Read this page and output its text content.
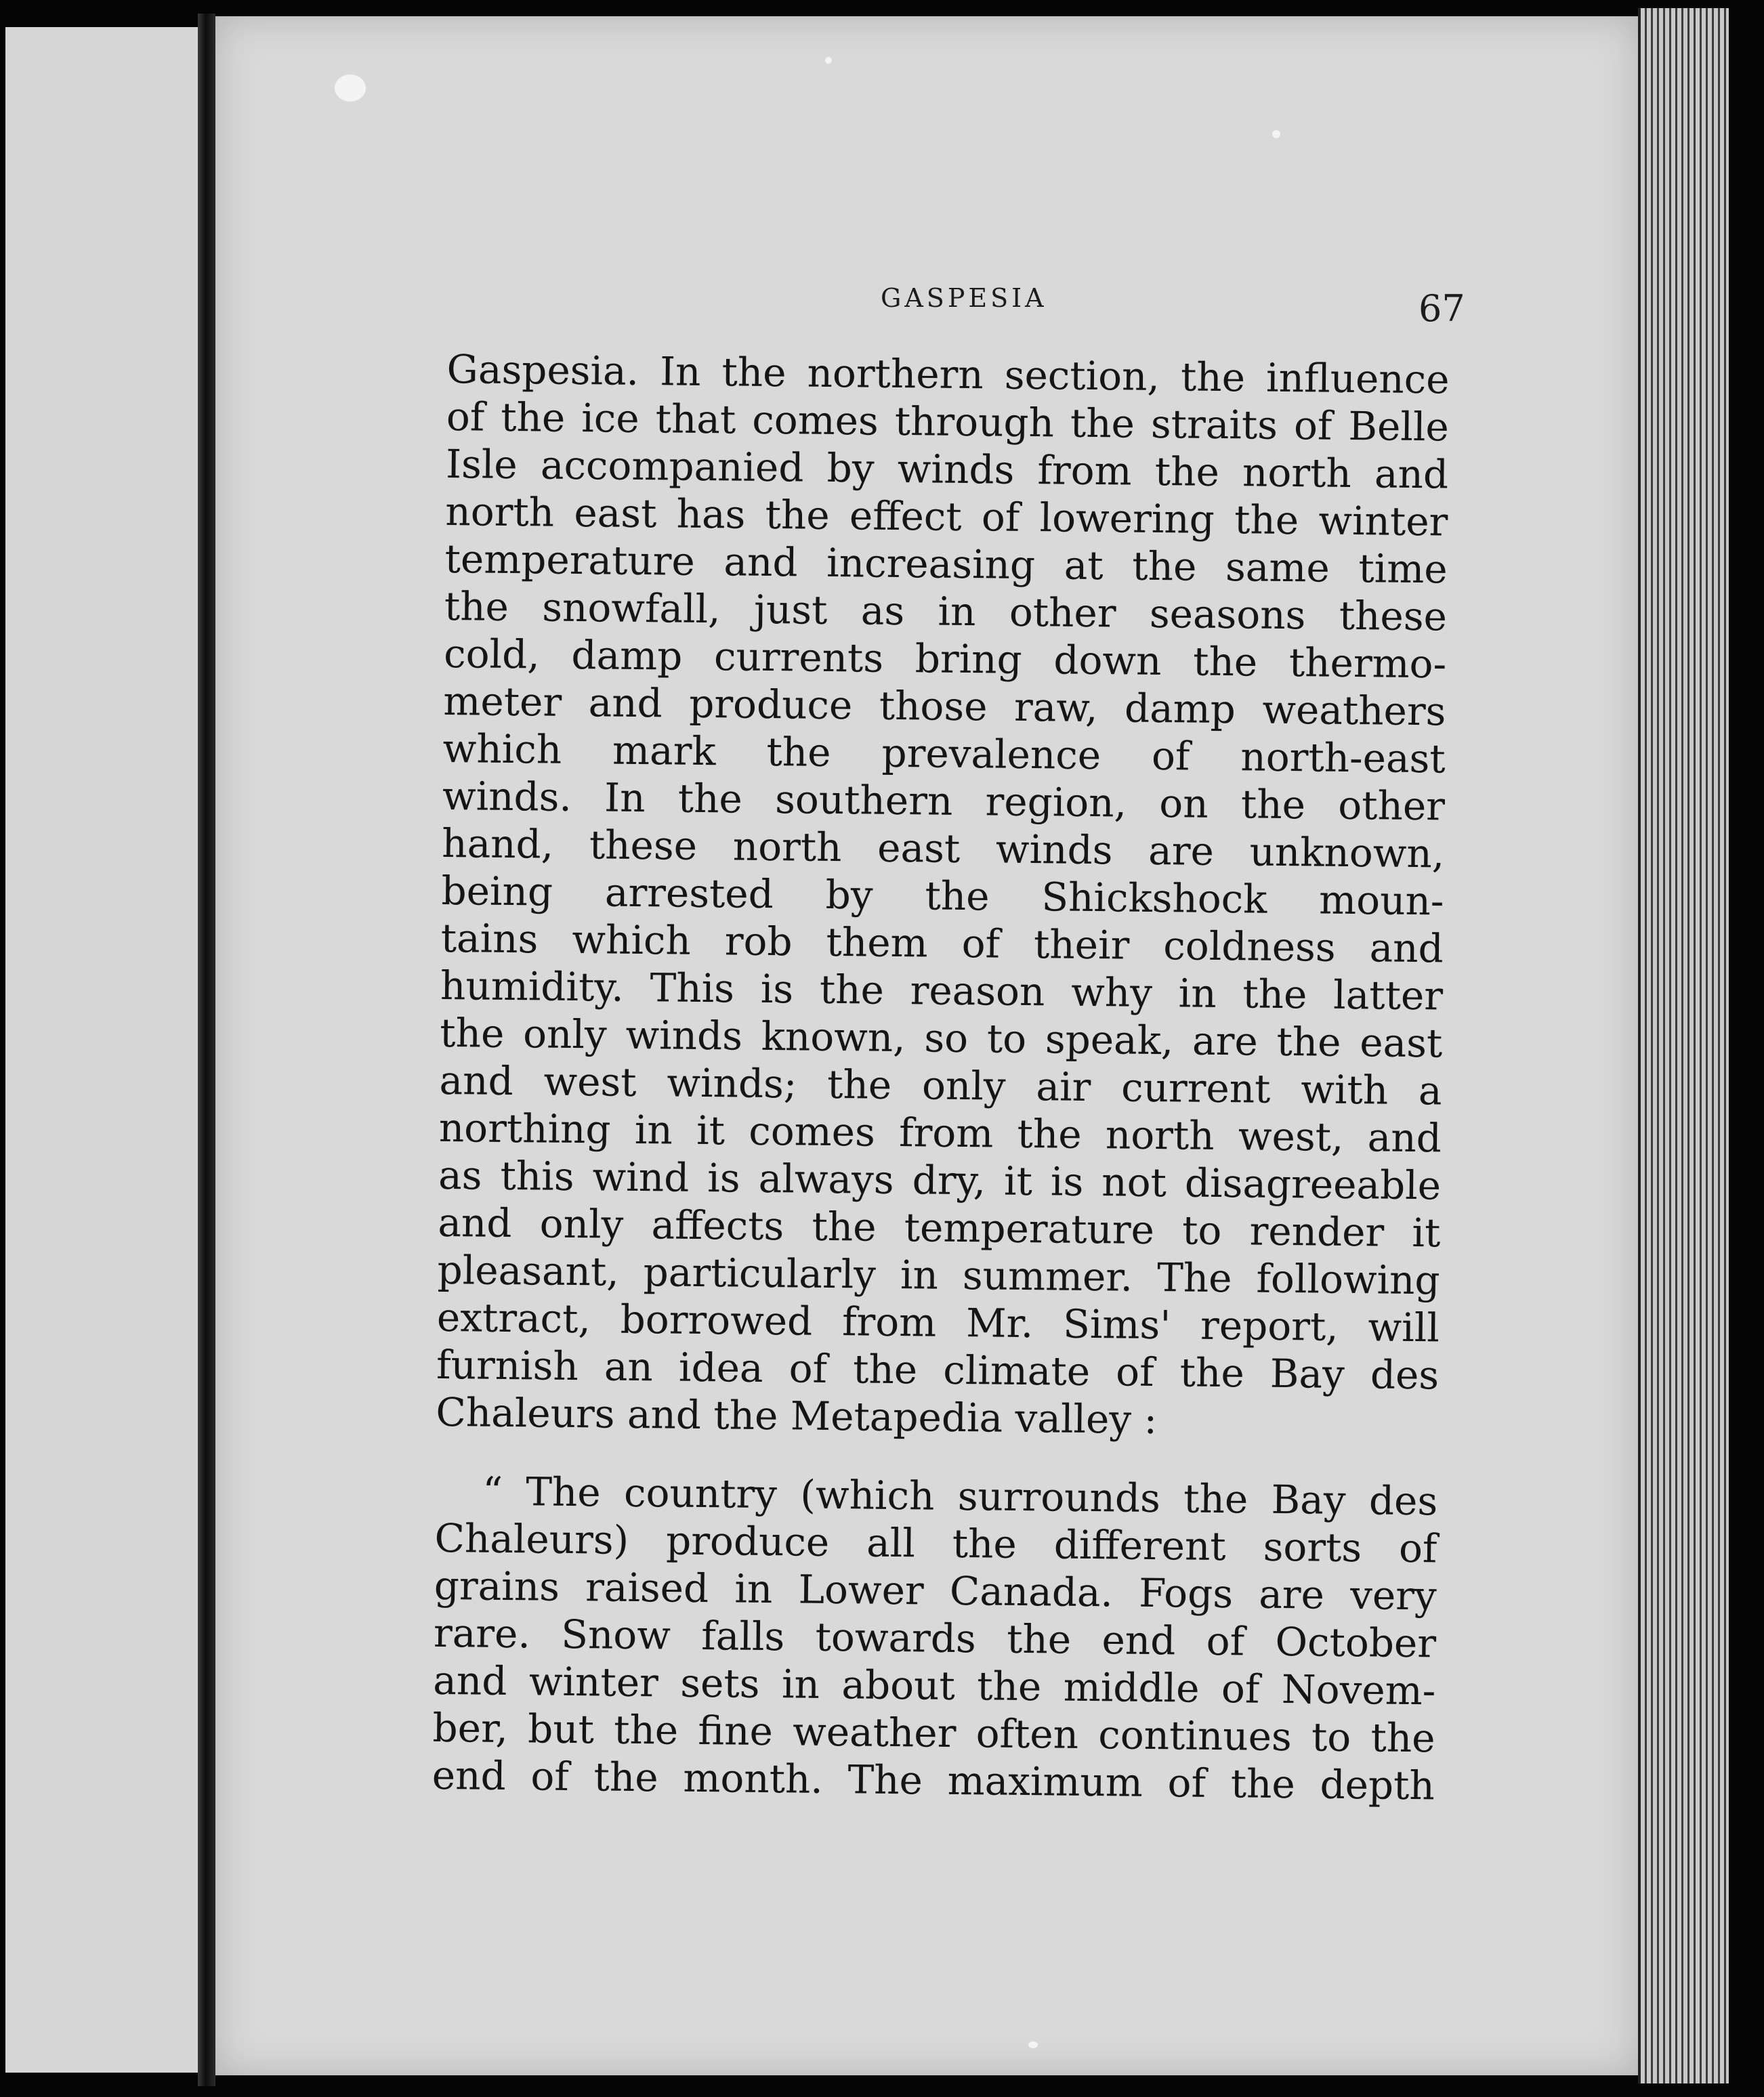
GASPESIA	67
Gaspesia. In the northern section, the influence
of the ice that comes through the straits of Belle
Isle accompanied by winds from the north and
north east has the effect of lowering the winter
temperature and increasing at the same time
the snowfall, just as in other seasons these
cold, damp currents bring down the thermo-
meter and produce those raw, damp weathers
which mark the prevalence of north-east
winds. In the southern region, on the other
hand, these north east winds are unknown,
being arrested by the Shickshock moun-
tains which rob them of their coldness and
humidity. This is the reason why in the latter
the only winds known, so to speak, are the east
and west winds; the only air current with a
northing in it comes from the north west, and
as this wind is always dry, it is not disagreeable
and only affects the temperature to render it
pleasant, particularly in summer. The following
extract, borrowed from Mr. Sims' report, will
furnish an idea of the climate of the Bay des
Chaleurs and the Metapedia valley :
“ The country (which surrounds the Bay des
Chaleurs) produce all the different sorts of
grains raised in Lower Canada. Fogs are very
rare. Snow falls towards the end of October
and winter sets in about the middle of Novem-
ber, but the fine weather often continues to the
end of the month. The maximum of the depth
